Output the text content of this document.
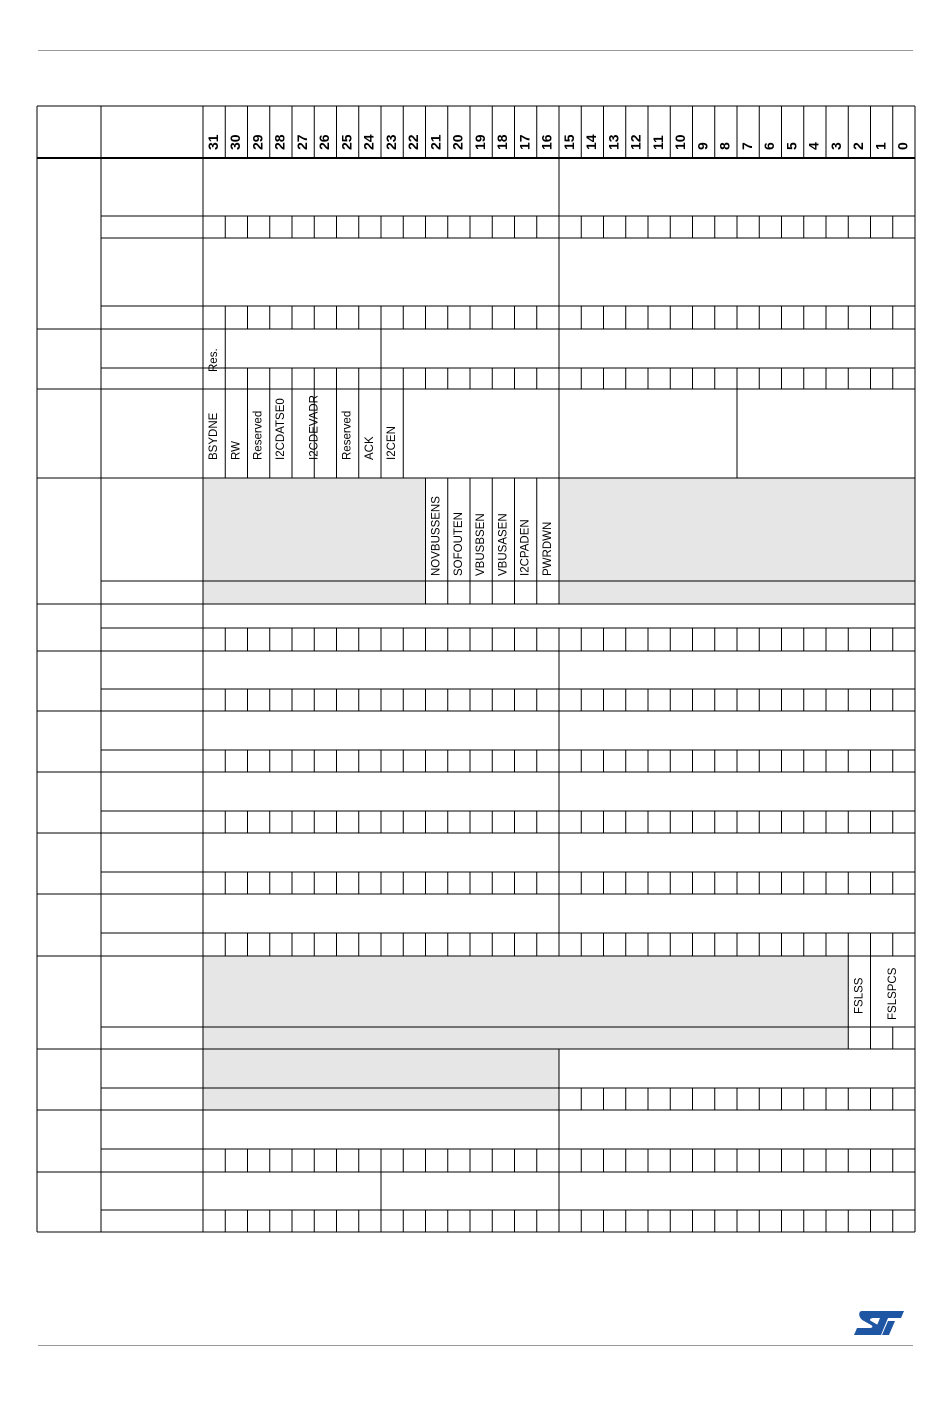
31 30 29 28 27 26 25 24 23 22 21 20 19 18 17 16 15 14 13 12 11 10 9 8 7 6 5 4 3 2 1 0
Res.
BSYDNE RW Reserved I2CDATSE0 I2CDEVADR Reserved ACK I2CEN
NOVBUSSENS SOFOUTEN VBUSBSEN VBUSASEN I2CPADEN PWRDWN
FSLSS FSLSPCS
